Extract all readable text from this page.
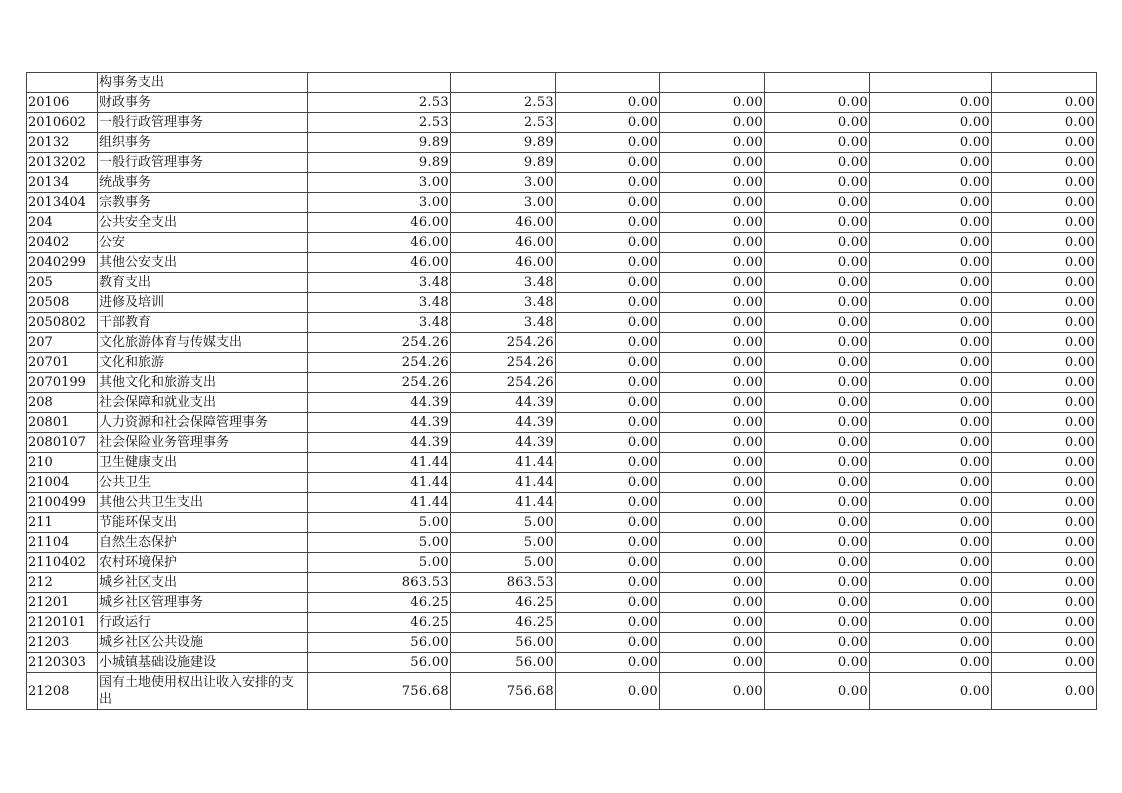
	构事务支出							
20106	财政事务	2.53	2.53	0.00	0.00	0.00	0.00	0.00
2010602	一般行政管理事务	2.53	2.53	0.00	0.00	0.00	0.00	0.00
20132	组织事务	9.89	9.89	0.00	0.00	0.00	0.00	0.00
2013202	一般行政管理事务	9.89	9.89	0.00	0.00	0.00	0.00	0.00
20134	统战事务	3.00	3.00	0.00	0.00	0.00	0.00	0.00
2013404	宗教事务	3.00	3.00	0.00	0.00	0.00	0.00	0.00
204	公共安全支出	46.00	46.00	0.00	0.00	0.00	0.00	0.00
20402	公安	46.00	46.00	0.00	0.00	0.00	0.00	0.00
2040299	其他公安支出	46.00	46.00	0.00	0.00	0.00	0.00	0.00
205	教育支出	3.48	3.48	0.00	0.00	0.00	0.00	0.00
20508	进修及培训	3.48	3.48	0.00	0.00	0.00	0.00	0.00
2050802	干部教育	3.48	3.48	0.00	0.00	0.00	0.00	0.00
207	文化旅游体育与传媒支出	254.26	254.26	0.00	0.00	0.00	0.00	0.00
20701	文化和旅游	254.26	254.26	0.00	0.00	0.00	0.00	0.00
2070199	其他文化和旅游支出	254.26	254.26	0.00	0.00	0.00	0.00	0.00
208	社会保障和就业支出	44.39	44.39	0.00	0.00	0.00	0.00	0.00
20801	人力资源和社会保障管理事务	44.39	44.39	0.00	0.00	0.00	0.00	0.00
2080107	社会保险业务管理事务	44.39	44.39	0.00	0.00	0.00	0.00	0.00
210	卫生健康支出	41.44	41.44	0.00	0.00	0.00	0.00	0.00
21004	公共卫生	41.44	41.44	0.00	0.00	0.00	0.00	0.00
2100499	其他公共卫生支出	41.44	41.44	0.00	0.00	0.00	0.00	0.00
211	节能环保支出	5.00	5.00	0.00	0.00	0.00	0.00	0.00
21104	自然生态保护	5.00	5.00	0.00	0.00	0.00	0.00	0.00
2110402	农村环境保护	5.00	5.00	0.00	0.00	0.00	0.00	0.00
212	城乡社区支出	863.53	863.53	0.00	0.00	0.00	0.00	0.00
21201	城乡社区管理事务	46.25	46.25	0.00	0.00	0.00	0.00	0.00
2120101	行政运行	46.25	46.25	0.00	0.00	0.00	0.00	0.00
21203	城乡社区公共设施	56.00	56.00	0.00	0.00	0.00	0.00	0.00
2120303	小城镇基础设施建设	56.00	56.00	0.00	0.00	0.00	0.00	0.00
21208	国有土地使用权出让收入安排的支出	756.68	756.68	0.00	0.00	0.00	0.00	0.00
